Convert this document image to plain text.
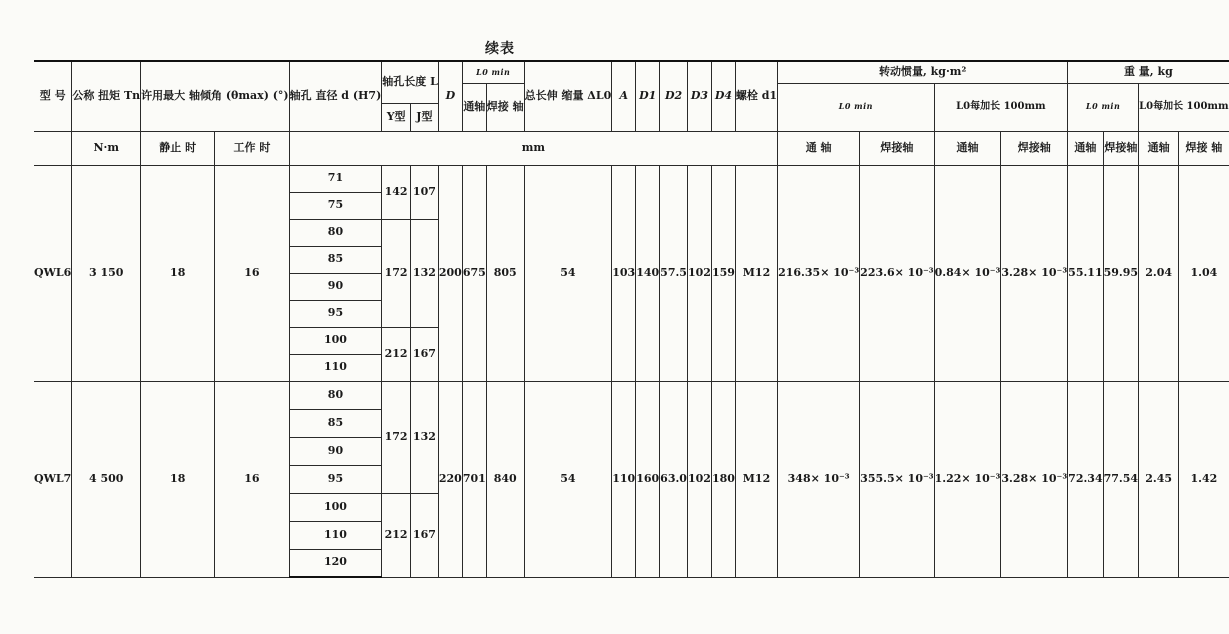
续表
型 号	公称 扭矩 Tn	许用最大 轴倾角 (θmax) (°)		轴孔 直径 d (H7)	轴孔长度 L		D	L0 min		总长伸 缩量 ΔL0	A	D1	D2	D3	D4	螺栓 d1	转动惯量, kg·m²				重 量, kg			
								通轴	焊接 轴								L0 min		L0每加长 100mm		L0 min		L0每加长 100mm	
					Y型	J型																		
	N·m	静止 时	工作 时	mm													通 轴	焊接轴	通轴	焊接轴	通轴	焊接轴	通轴	焊接 轴
QWL6	3 150	18	16	71	142	107	200	675	805	54	103	140	57.5	102	159	M12	216.35× 10⁻³	223.6× 10⁻³	0.84× 10⁻³	3.28× 10⁻³	55.11	59.95	2.04	1.04
				75																				
				80	172	132																		
				85																				
				90																				
				95																				
				100	212	167																		
				110																				
QWL7	4 500	18	16	80	172	132	220	701	840	54	110	160	63.0	102	180	M12	348× 10⁻³	355.5× 10⁻³	1.22× 10⁻³	3.28× 10⁻³	72.34	77.54	2.45	1.42
				85																				
				90																				
				95																				
				100	212	167																		
				110																				
				120																				
